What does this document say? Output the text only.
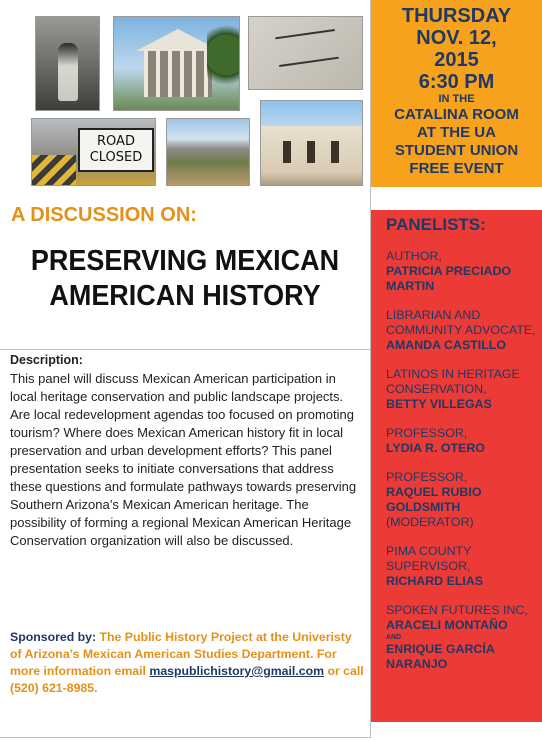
ROAD
CLOSED
THURSDAY
NOV. 12,
2015
6:30 PM
IN THE
CATALINA ROOM
AT THE UA
STUDENT UNION
FREE EVENT
A DISCUSSION ON:
PRESERVING MEXICAN
AMERICAN HISTORY
Description:
This panel will discuss Mexican American participation in local heritage conservation and public landscape projects. Are local redevelopment agendas too focused on promoting tourism? Where does Mexican American history fit in local preservation and urban development efforts? This panel presentation seeks to initiate conversations that address these questions and formulate pathways towards preserving Southern Arizona’s Mexican American heritage. The possibility of forming a regional Mexican American Heritage Conservation organization will also be discussed.
Sponsored by: The Public History Project at the Univeristy of Arizona’s Mexican American Studies Department. For more information email maspublichistory@gmail.com or call (520) 621-8985.
PANELISTS:
AUTHOR,
PATRICIA PRECIADO MARTIN
LIBRARIAN AND COMMUNITY ADVOCATE,
AMANDA CASTILLO
LATINOS IN HERITAGE CONSERVATION,
BETTY VILLEGAS
PROFESSOR,
LYDIA R. OTERO
PROFESSOR,
RAQUEL RUBIO GOLDSMITH
(MODERATOR)
PIMA COUNTY SUPERVISOR,
RICHARD ELIAS
SPOKEN FUTURES INC,
ARACELI MONTAÑO
AND
ENRIQUE GARCÍA NARANJO
